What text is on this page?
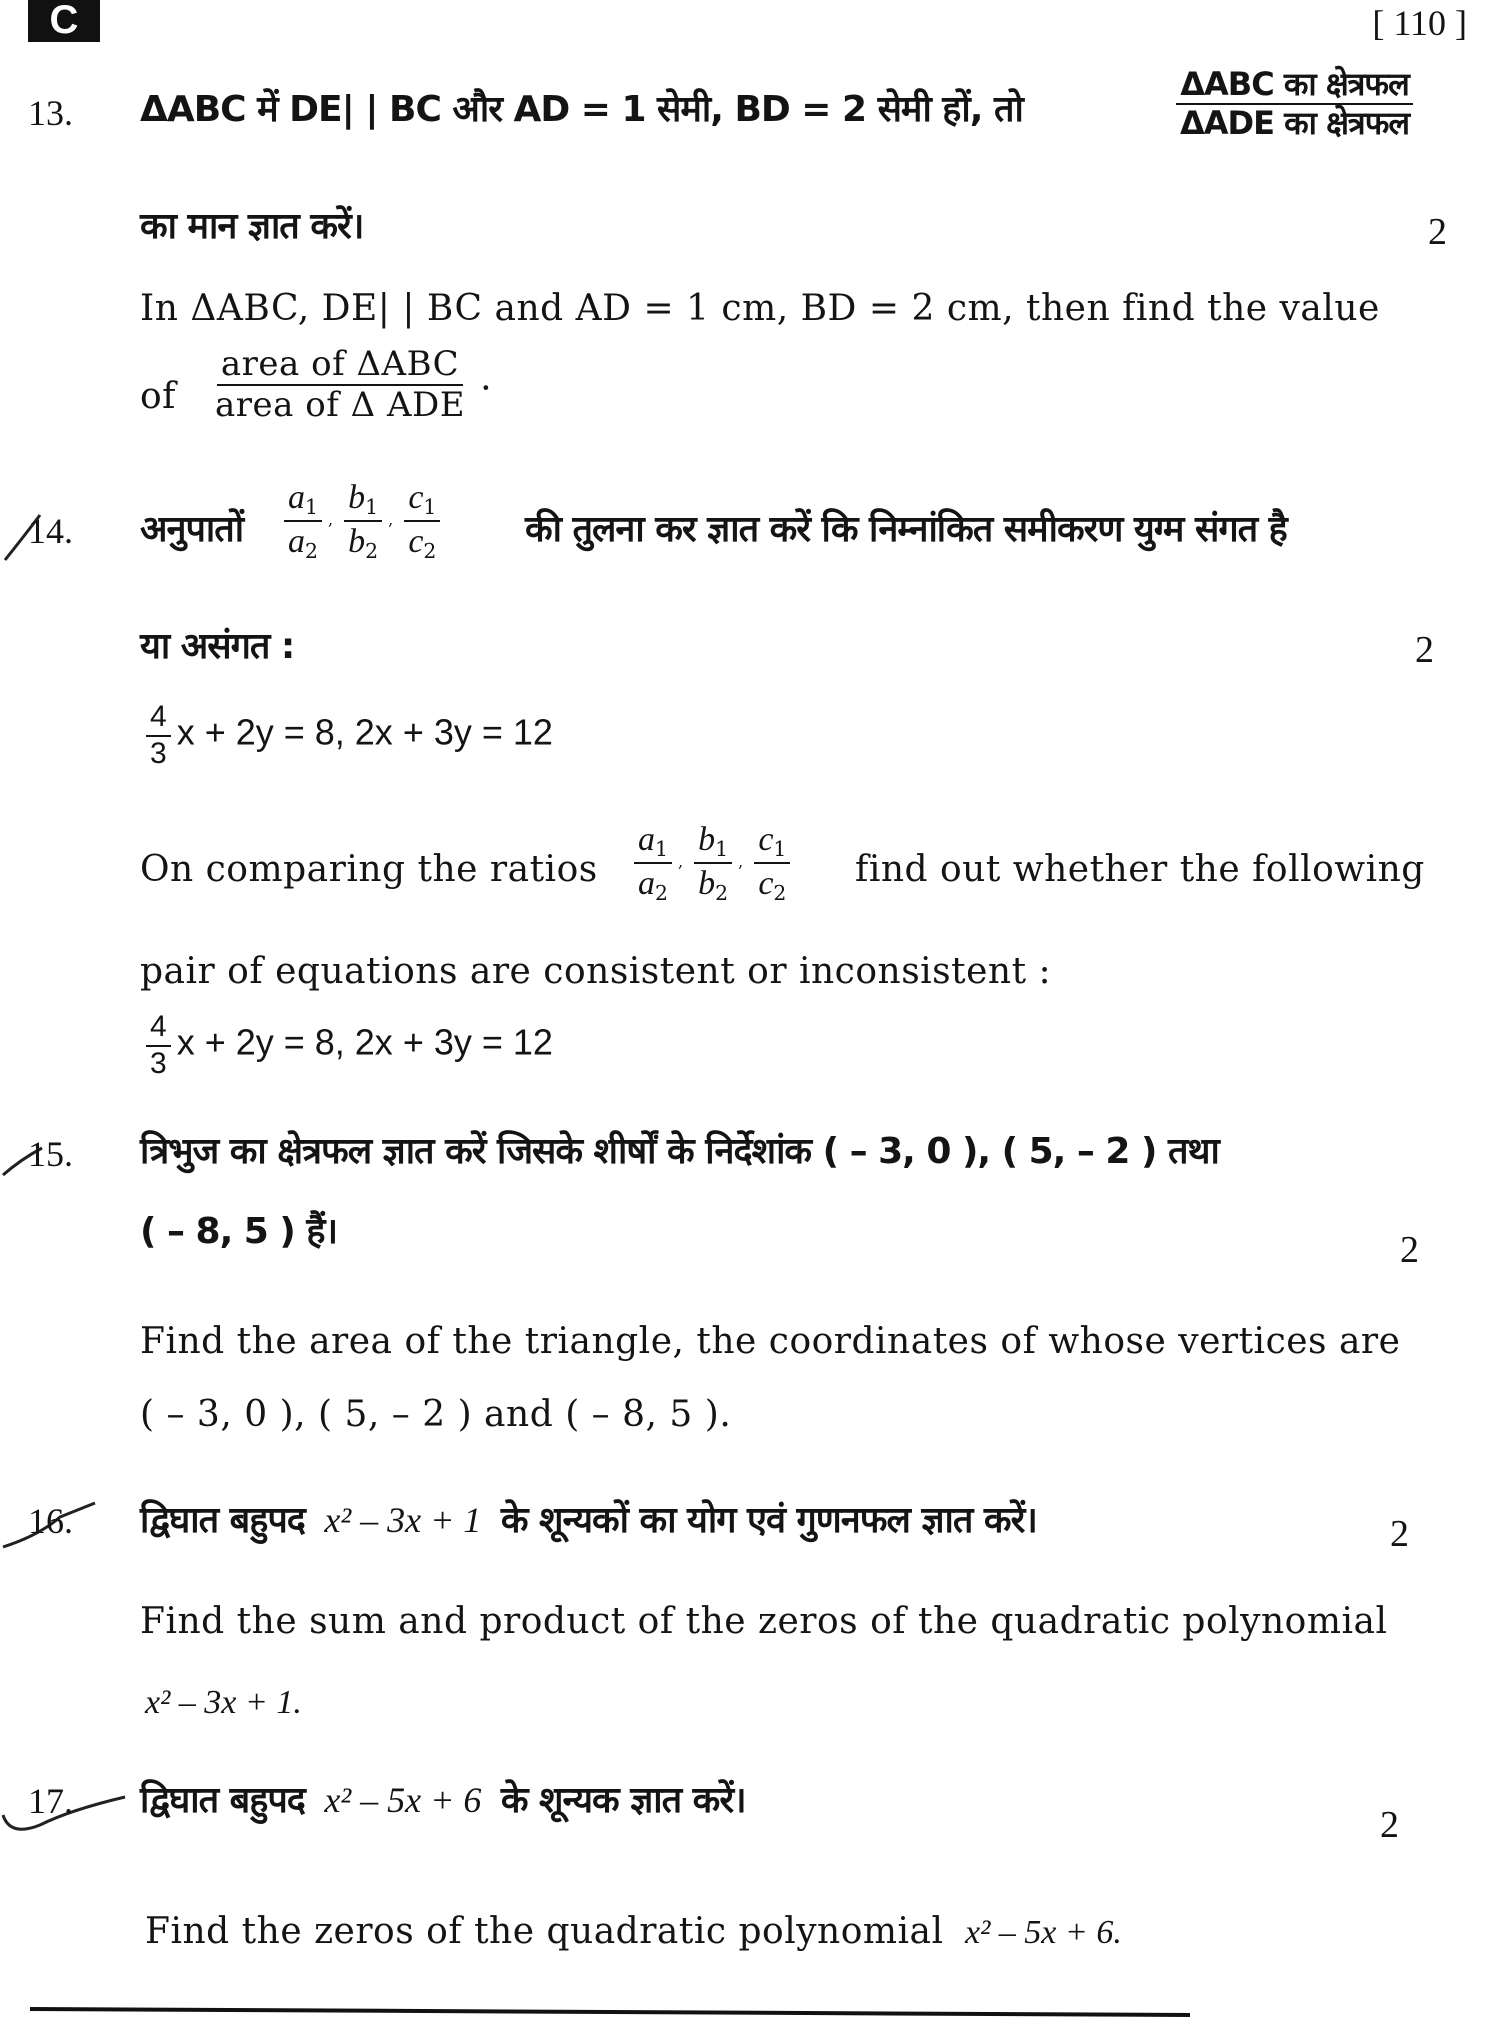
C	[ 110 ]
13. ΔABC में DE| | BC और AD = 1 सेमी, BD = 2 सेमी हों, तो	$\frac{\text{ΔABC का क्षेत्रफल}}{\text{ΔADE का क्षेत्रफल}}$
का मान ज्ञात करें।	2
In ΔABC, DE| | BC and AD = 1 cm, BD = 2 cm, then find the value
of $\frac{\text{area of ΔABC}}{\text{area of Δ ADE}}$ .
14. अनुपातों $\frac{a_1}{a_2}$ , $\frac{b_1}{b_2}$ , $\frac{c_1}{c_2}$ की तुलना कर ज्ञात करें कि निम्नांकित समीकरण युग्म संगत है
या असंगत :	2
$\frac{4}{3}$ x + 2y = 8, 2x + 3y = 12
On comparing the ratios $\frac{a_1}{a_2}$ , $\frac{b_1}{b_2}$ , $\frac{c_1}{c_2}$ find out whether the following
pair of equations are consistent or inconsistent :
$\frac{4}{3}$ x + 2y = 8, 2x + 3y = 12
15. त्रिभुज का क्षेत्रफल ज्ञात करें जिसके शीर्षों के निर्देशांक ( – 3, 0 ), ( 5, – 2 ) तथा
( – 8, 5 ) हैं।	2
Find the area of the triangle, the coordinates of whose vertices are
( – 3, 0 ), ( 5, – 2 ) and ( – 8, 5 ).
16. द्विघात बहुपद x² – 3x + 1 के शून्यकों का योग एवं गुणनफल ज्ञात करें।	2
Find the sum and product of the zeros of the quadratic polynomial
x² – 3x + 1.
17. द्विघात बहुपद x² – 5x + 6 के शून्यक ज्ञात करें।
2
Find the zeros of the quadratic polynomial x² – 5x + 6.
